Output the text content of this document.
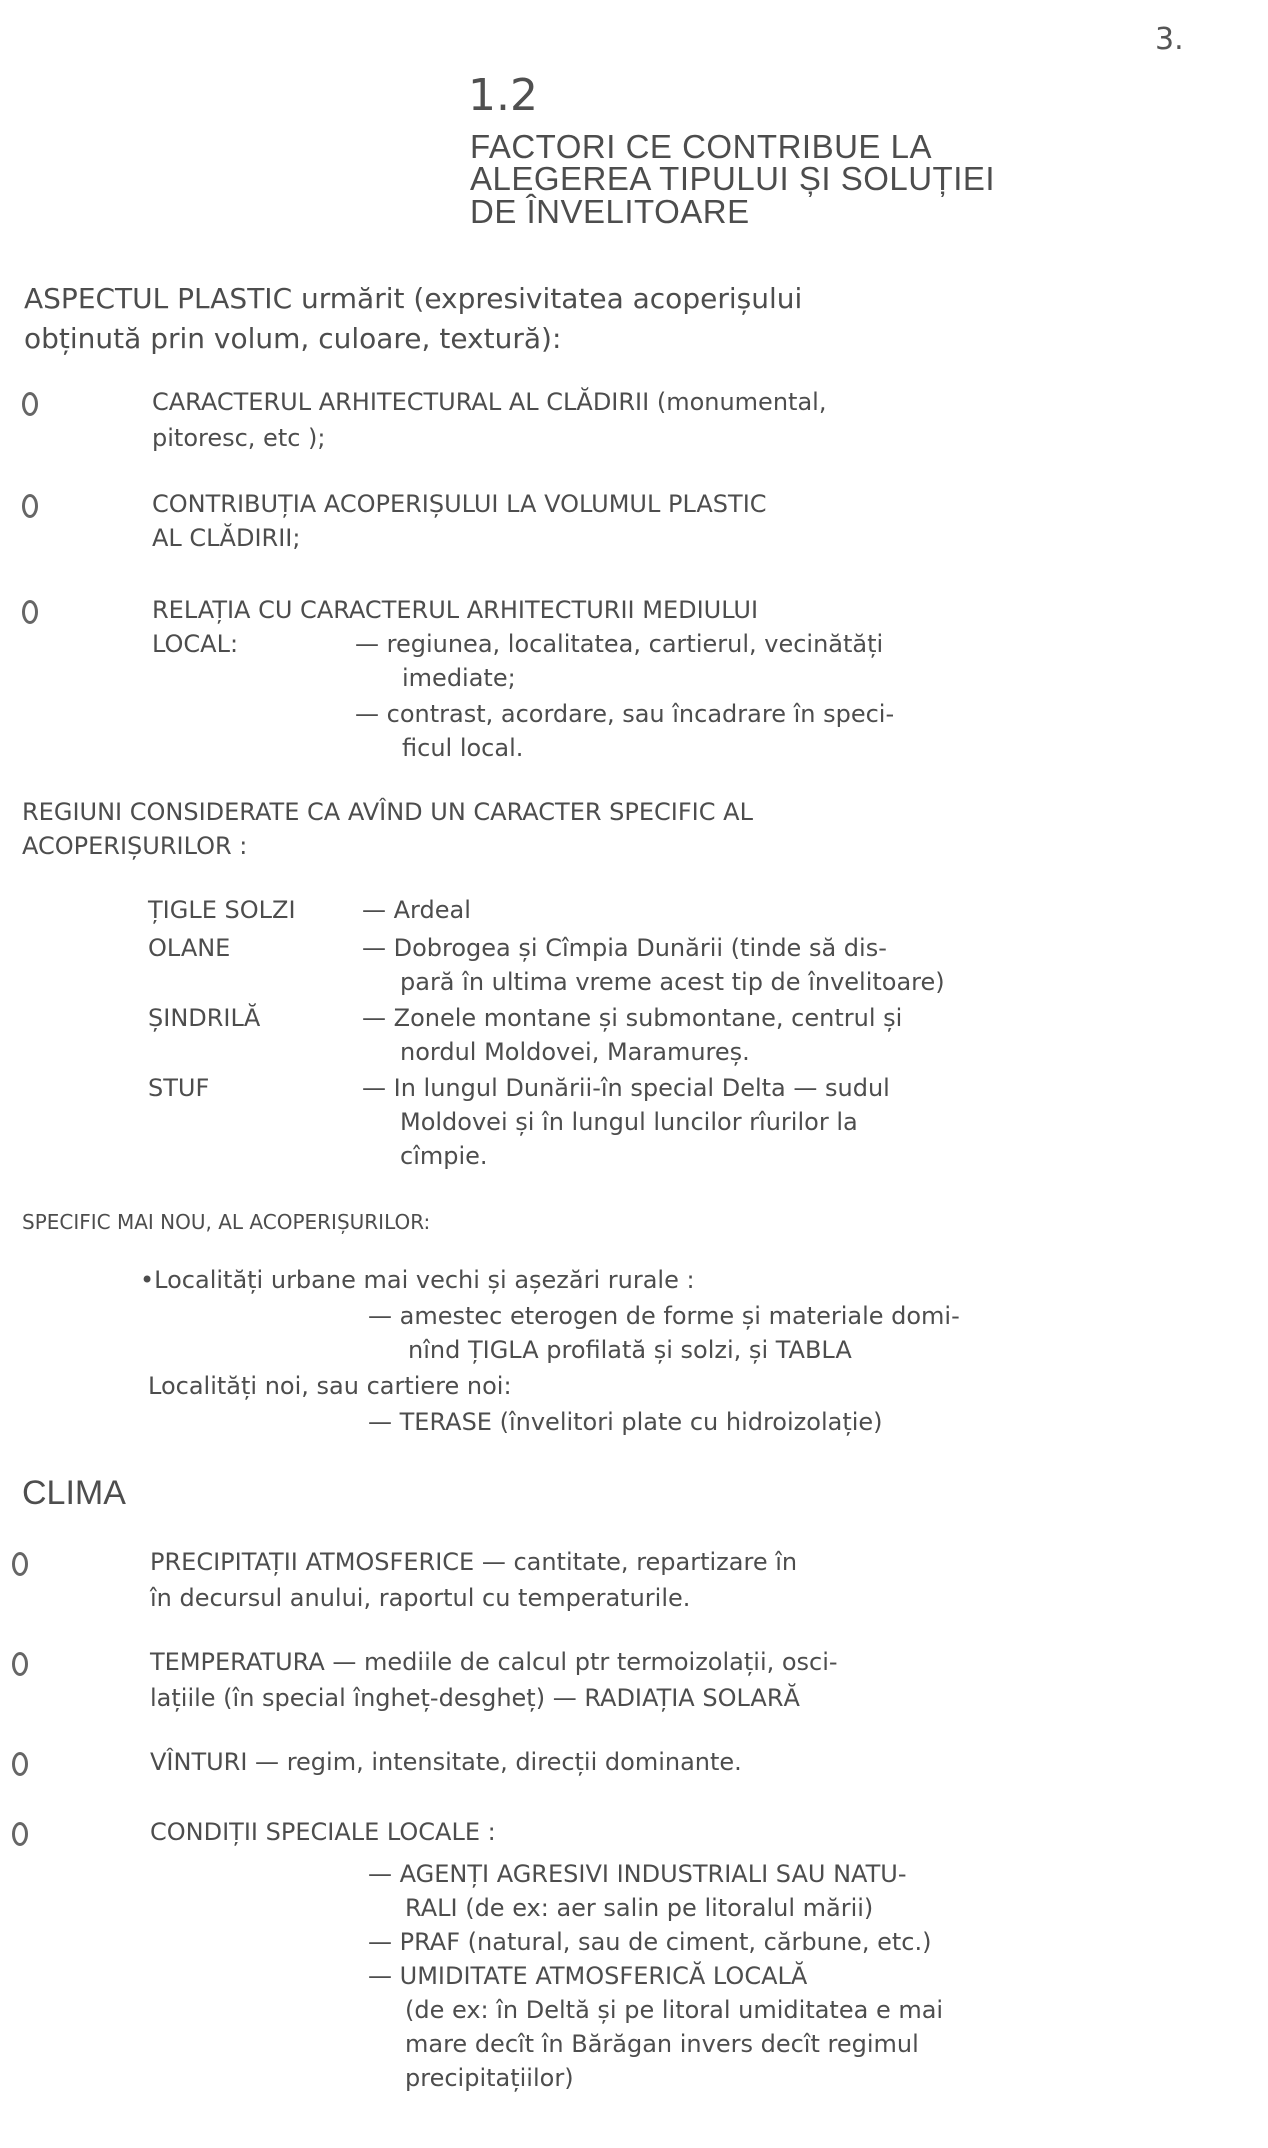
3.
1.2
FACTORI CE CONTRIBUE LA
ALEGEREA TIPULUI ȘI SOLUȚIEI
DE ÎNVELITOARE
ASPECTUL PLASTIC urmărit (expresivitatea acoperișului
obținută prin volum, culoare, textură):
CARACTERUL ARHITECTURAL AL CLĂDIRII (monumental,
pitoresc, etc );
CONTRIBUȚIA ACOPERIȘULUI LA VOLUMUL PLASTIC
AL CLĂDIRII;
RELAȚIA CU CARACTERUL ARHITECTURII MEDIULUI
LOCAL:	— regiunea, localitatea, cartierul, vecinătăți
imediate;
— contrast, acordare, sau încadrare în speci-
ficul local.
REGIUNI CONSIDERATE CA AVÎND UN CARACTER SPECIFIC AL
ACOPERIȘURILOR :
ȚIGLE SOLZI	— Ardeal
OLANE	— Dobrogea și Cîmpia Dunării (tinde să dis-
pară în ultima vreme acest tip de învelitoare)
ȘINDRILĂ	— Zonele montane și submontane, centrul și
nordul Moldovei, Maramureș.
STUF	— In lungul Dunării-în special Delta — sudul
Moldovei și în lungul luncilor rîurilor la
cîmpie.
SPECIFIC MAI NOU, AL ACOPERIȘURILOR:
•Localități urbane mai vechi și așezări rurale :
— amestec eterogen de forme și materiale domi-
nînd ȚIGLA profilată și solzi, și TABLA
Localități noi, sau cartiere noi:
— TERASE (învelitori plate cu hidroizolație)
CLIMA
PRECIPITAȚII ATMOSFERICE — cantitate, repartizare în
în decursul anului, raportul cu temperaturile.
TEMPERATURA — mediile de calcul ptr termoizolații, osci-
lațiile (în special îngheț-desgheț) — RADIAȚIA SOLARĂ
VÎNTURI — regim, intensitate, direcții dominante.
CONDIȚII SPECIALE LOCALE :
— AGENȚI AGRESIVI INDUSTRIALI SAU NATU-
RALI (de ex: aer salin pe litoralul mării)
— PRAF (natural, sau de ciment, cărbune, etc.)
— UMIDITATE ATMOSFERICĂ LOCALĂ
(de ex: în Deltă și pe litoral umiditatea e mai
mare decît în Bărăgan invers decît regimul
precipitațiilor)
